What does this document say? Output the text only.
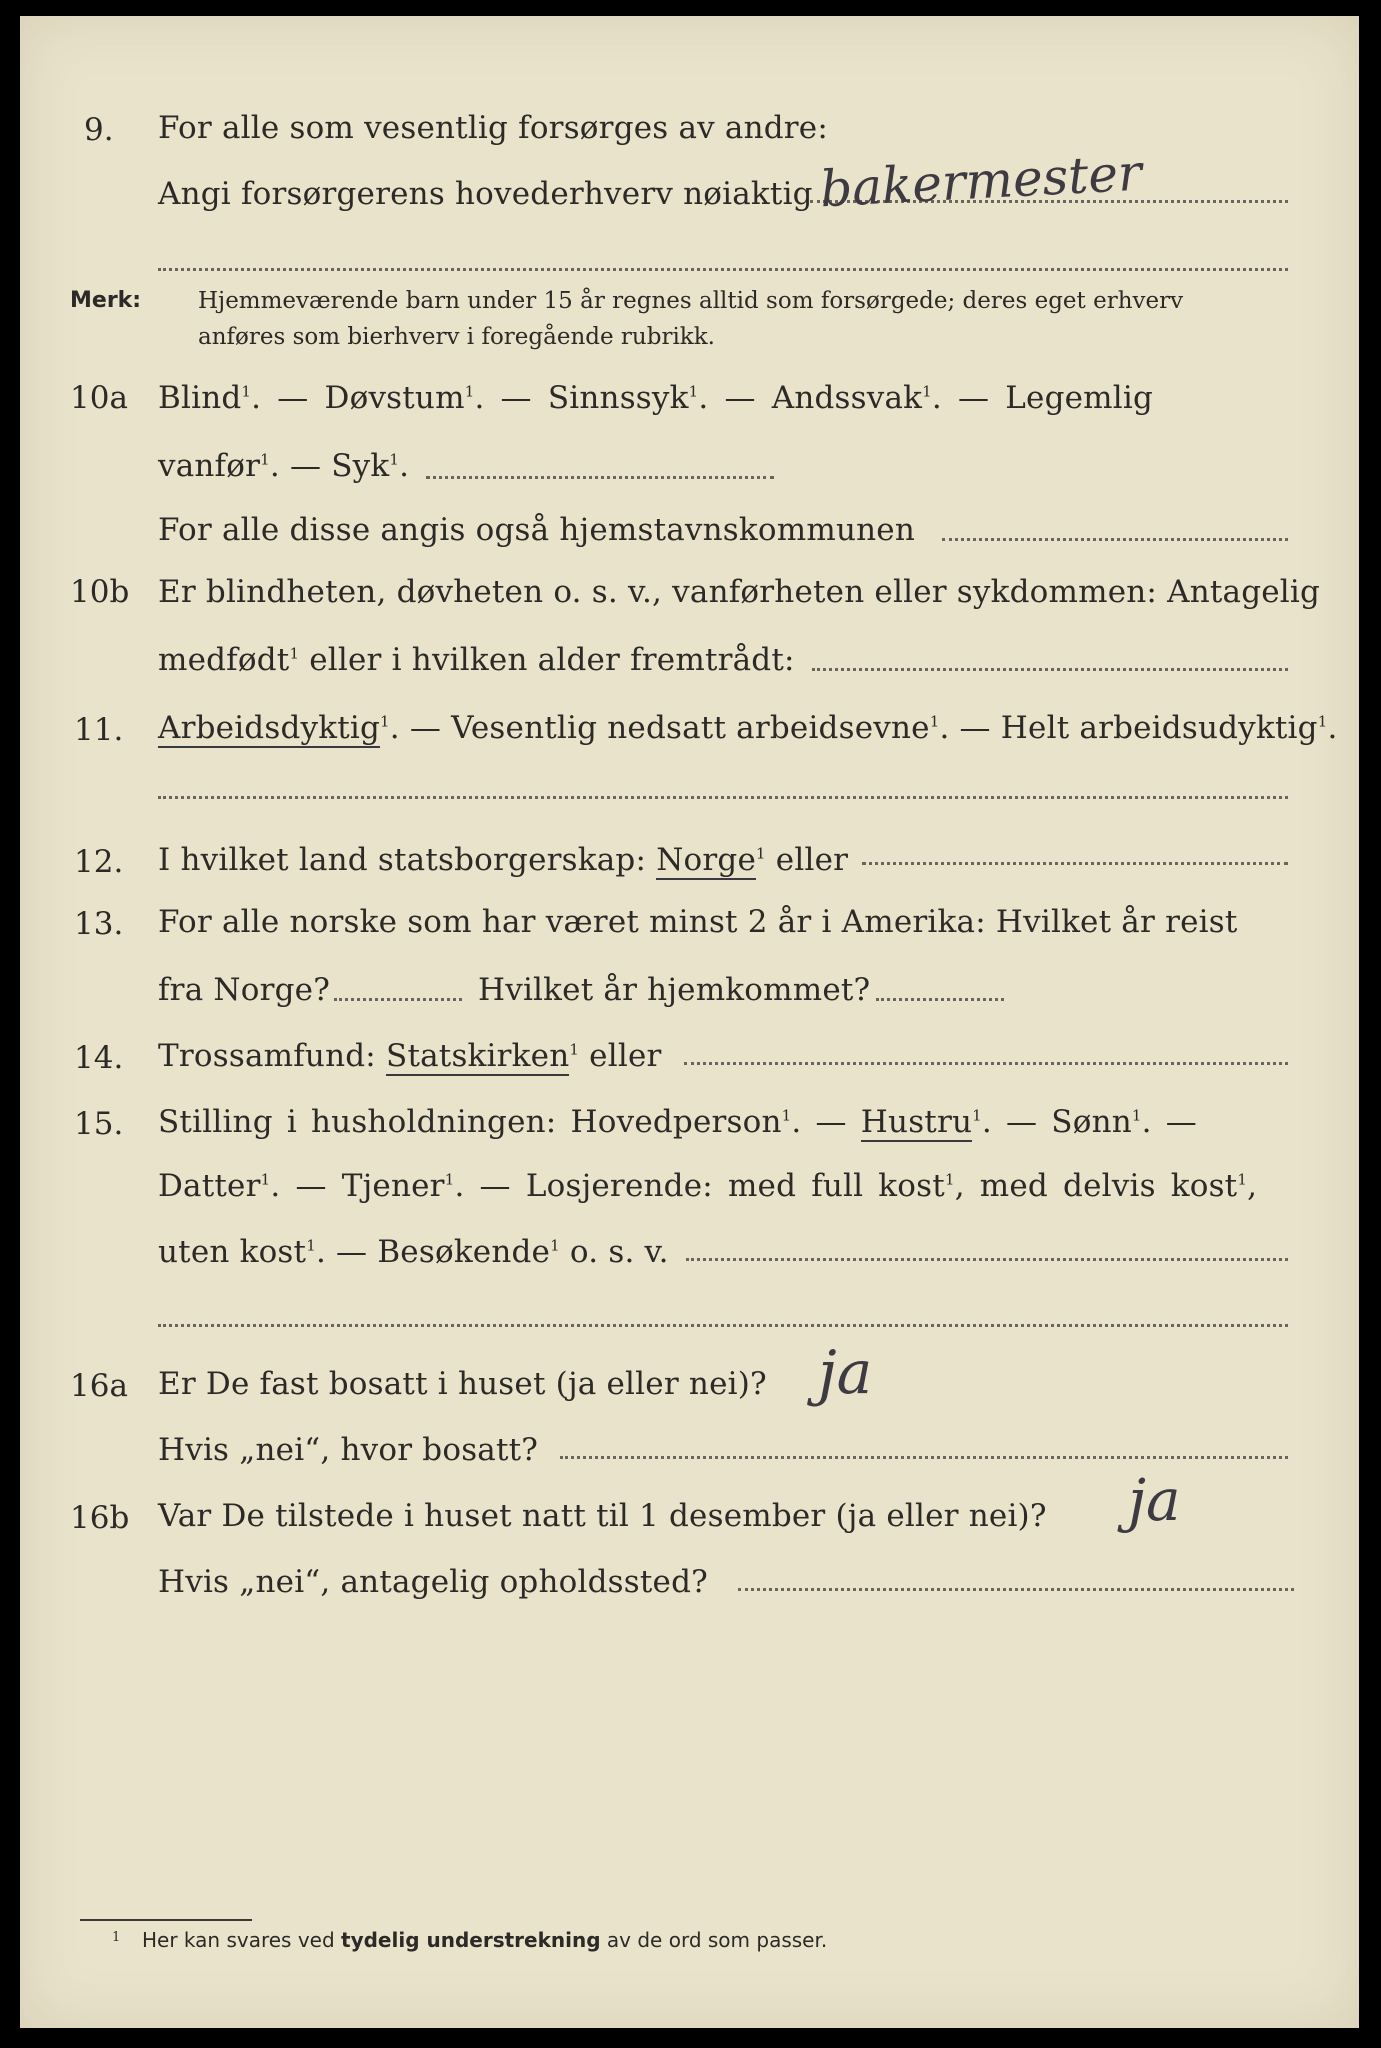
9. For alle som vesentlig forsørges av andre:
Angi forsørgerens hovederhverv nøiaktig bakermester
Merk: Hjemmeværende barn under 15 år regnes alltid som forsørgede; deres eget erhverv
anføres som bierhverv i foregående rubrikk.
10a Blind$^1$. — Døvstum$^1$. — Sinnssyk$^1$. — Andssvak$^1$. — Legemlig
vanfør$^1$. — Syk$^1$.
For alle disse angis også hjemstavnskommunen
10b Er blindheten, døvheten o. s. v., vanførheten eller sykdommen: Antagelig
medfødt$^1$ eller i hvilken alder fremtrådt:
11. Arbeidsdyktig$^1$. — Vesentlig nedsatt arbeidsevne$^1$. — Helt arbeidsudyktig$^1$.
12. I hvilket land statsborgerskap: Norge$^1$ eller
13. For alle norske som har været minst 2 år i Amerika: Hvilket år reist
fra Norge?	Hvilket år hjemkommet?
14. Trossamfund: Statskirken$^1$ eller
15. Stilling i husholdningen: Hovedperson$^1$. — Hustru$^1$. — Sønn$^1$. —
Datter$^1$. — Tjener$^1$. — Losjerende: med full kost$^1$, med delvis kost$^1$,
uten kost$^1$. — Besøkende$^1$ o. s. v.
16a Er De fast bosatt i huset (ja eller nei)? ja
Hvis „nei“, hvor bosatt?
16b Var De tilstede i huset natt til 1 desember (ja eller nei)? ja
Hvis „nei“, antagelig opholdssted?
1 Her kan svares ved tydelig understrekning av de ord som passer.
